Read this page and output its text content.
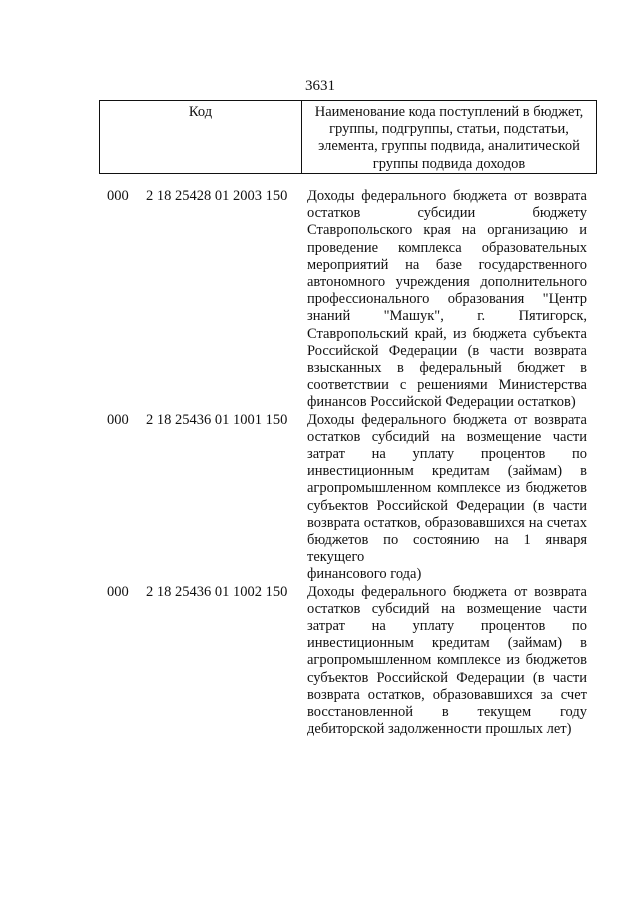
3631
Код	Наименование кода поступлений в бюджет,
группы, подгруппы, статьи, подстатьи,
элемента, группы подвида, аналитической
группы подвида доходов
000 2 18 25428 01 2003 150 Доходы федерального бюджета от возврата
остатков субсидии бюджету
Ставропольского края на организацию и
проведение комплекса образовательных
мероприятий на базе государственного
автономного учреждения дополнительного
профессионального образования "Центр
знаний "Машук", г. Пятигорск,
Ставропольский край, из бюджета субъекта
Российской Федерации (в части возврата
взысканных в федеральный бюджет в
соответствии с решениями Министерства
финансов Российской Федерации остатков)
000 2 18 25436 01 1001 150 Доходы федерального бюджета от возврата
остатков субсидий на возмещение части
затрат на уплату процентов по
инвестиционным кредитам (займам) в
агропромышленном комплексе из бюджетов
субъектов Российской Федерации (в части
возврата остатков, образовавшихся на счетах
бюджетов по состоянию на 1 января текущего
финансового года)
000 2 18 25436 01 1002 150 Доходы федерального бюджета от возврата
остатков субсидий на возмещение части
затрат на уплату процентов по
инвестиционным кредитам (займам) в
агропромышленном комплексе из бюджетов
субъектов Российской Федерации (в части
возврата остатков, образовавшихся за счет
восстановленной в текущем году
дебиторской задолженности прошлых лет)
